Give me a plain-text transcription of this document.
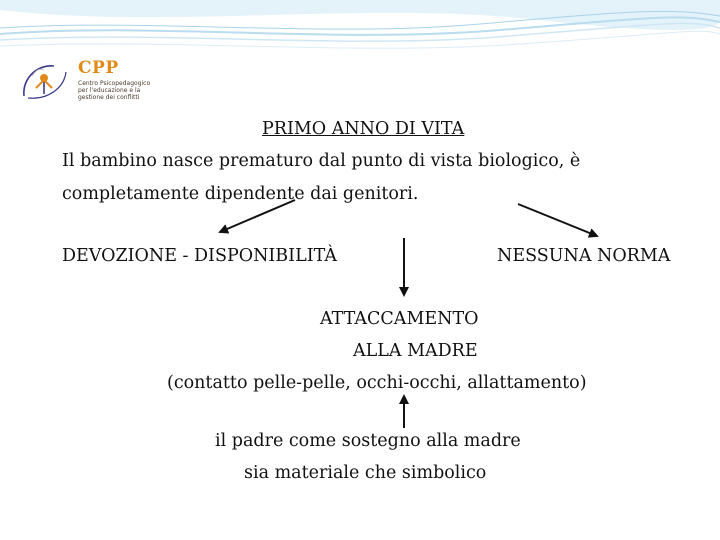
CPP
Centro Psicopedagogico
per l'educazione e la
gestione dei conflitti
PRIMO ANNO DI VITA
Il bambino nasce prematuro dal punto di vista biologico, è
completamente dipendente dai genitori.
DEVOZIONE - DISPONIBILITÀ	NESSUNA NORMA
ATTACCAMENTO
ALLA MADRE
(contatto pelle-pelle, occhi-occhi, allattamento)
il padre come sostegno alla madre
sia materiale che simbolico
